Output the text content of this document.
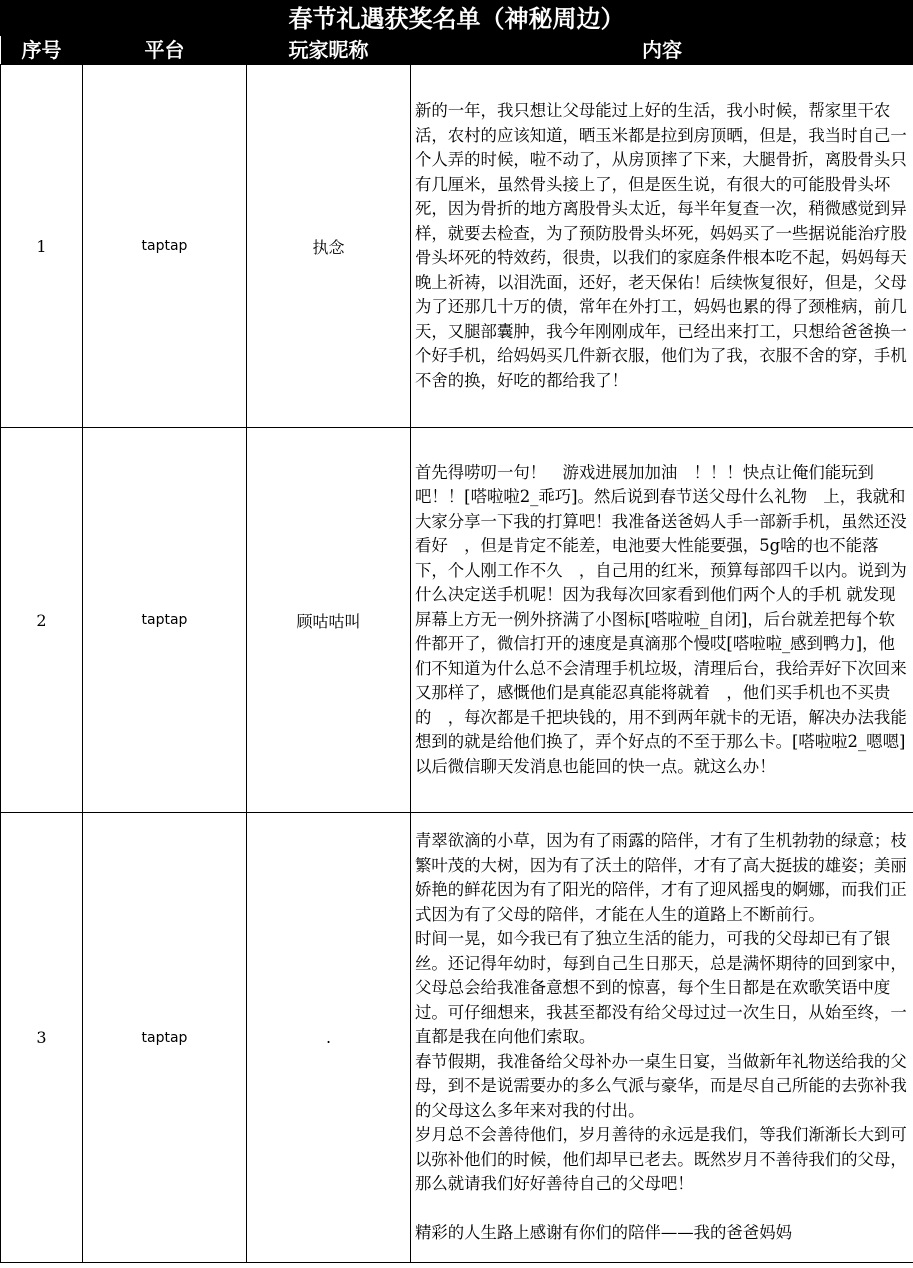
春节礼遇获奖名单（神秘周边）
序号	平台	玩家昵称	内容
1	taptap	执念	新的一年，我只想让父母能过上好的生活，我小时候，帮家里干农活，农村的应该知道，晒玉米都是拉到房顶晒，但是，我当时自己一个人弄的时候，啦不动了，从房顶摔了下来，大腿骨折，离股骨头只有几厘米，虽然骨头接上了，但是医生说，有很大的可能股骨头坏死，因为骨折的地方离股骨头太近，每半年复查一次，稍微感觉到异样，就要去检查，为了预防股骨头坏死，妈妈买了一些据说能治疗股骨头坏死的特效药，很贵，以我们的家庭条件根本吃不起，妈妈每天晚上祈祷，以泪洗面，还好，老天保佑！后续恢复很好，但是，父母为了还那几十万的债，常年在外打工，妈妈也累的得了颈椎病，前几天，又腿部囊肿，我今年刚刚成年，已经出来打工，只想给爸爸换一个好手机，给妈妈买几件新衣服，他们为了我，衣服不舍的穿，手机不舍的换，好吃的都给我了！

2	taptap	顾咕咕叫	首先得唠叨一句！　游戏进展加加油　！！！快点让俺们能玩到吧！！[嗒啦啦2_乖巧]。然后说到春节送父母什么礼物　上，我就和大家分享一下我的打算吧！我准备送爸妈人手一部新手机，虽然还没看好　，但是肯定不能差，电池要大性能要强，5g啥的也不能落下，个人刚工作不久　，自己用的红米，预算每部四千以内。说到为什么决定送手机呢！因为我每次回家看到他们两个人的手机 就发现屏幕上方无一例外挤满了小图标[嗒啦啦_自闭]，后台就差把每个软件都开了，微信打开的速度是真滴那个慢哎[嗒啦啦_感到鸭力]，他们不知道为什么总不会清理手机垃圾，清理后台，我给弄好下次回来又那样了，感慨他们是真能忍真能将就着　，他们买手机也不买贵的　，每次都是千把块钱的，用不到两年就卡的无语，解决办法我能想到的就是给他们换了，弄个好点的不至于那么卡。[嗒啦啦2_嗯嗯]以后微信聊天发消息也能回的快一点。就这么办！

3	taptap	.	青翠欲滴的小草，因为有了雨露的陪伴，才有了生机勃勃的绿意；枝繁叶茂的大树，因为有了沃土的陪伴，才有了高大挺拔的雄姿；美丽娇艳的鲜花因为有了阳光的陪伴，才有了迎风摇曳的婀娜，而我们正式因为有了父母的陪伴，才能在人生的道路上不断前行。

时间一晃，如今我已有了独立生活的能力，可我的父母却已有了银丝。还记得年幼时，每到自己生日那天，总是满怀期待的回到家中，父母总会给我准备意想不到的惊喜，每个生日都是在欢歌笑语中度过。可仔细想来，我甚至都没有给父母过过一次生日，从始至终，一直都是我在向他们索取。

春节假期，我准备给父母补办一桌生日宴，当做新年礼物送给我的父母，到不是说需要办的多么气派与豪华，而是尽自己所能的去弥补我的父母这么多年来对我的付出。

岁月总不会善待他们，岁月善待的永远是我们，等我们渐渐长大到可以弥补他们的时候，他们却早已老去。既然岁月不善待我们的父母，那么就请我们好好善待自己的父母吧！

精彩的人生路上感谢有你们的陪伴——我的爸爸妈妈
